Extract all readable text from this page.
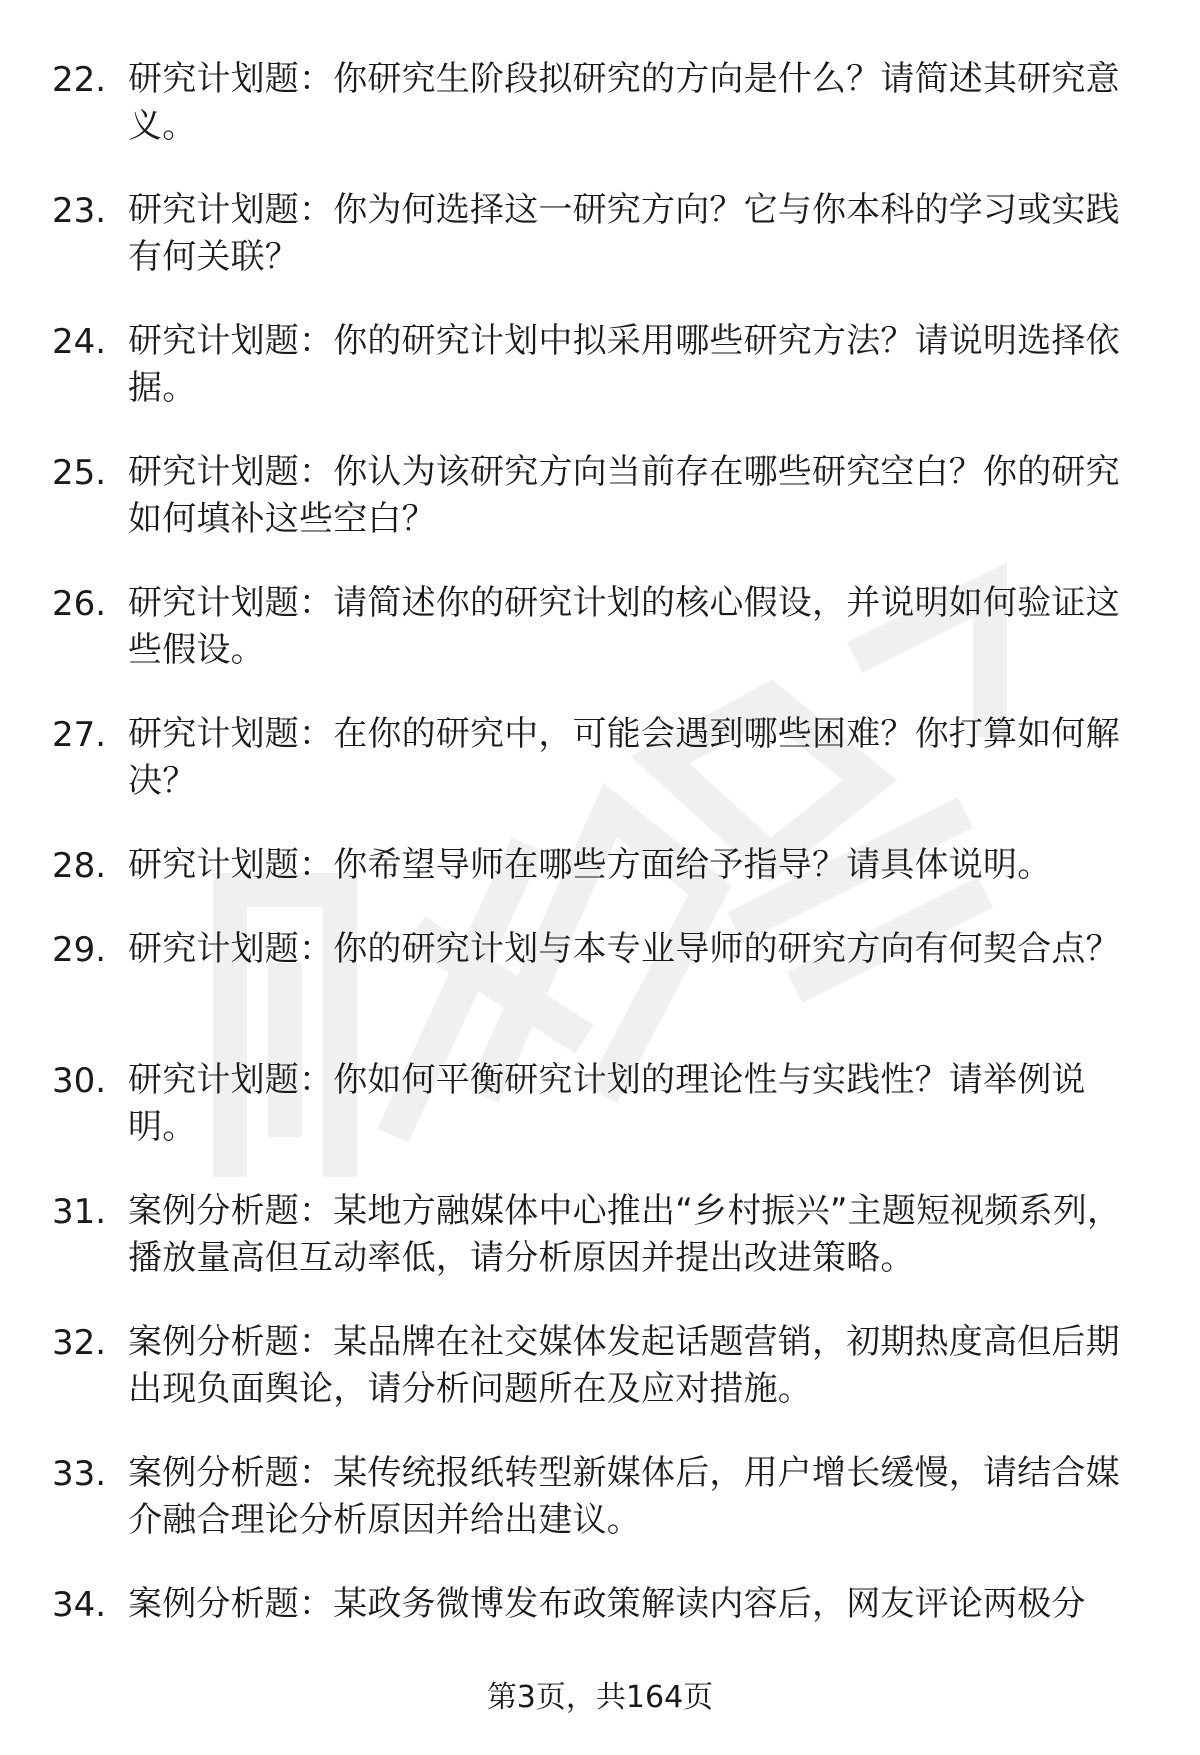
22. 研究计划题：你研究生阶段拟研究的方向是什么？请简述其研究意义。
23. 研究计划题：你为何选择这一研究方向？它与你本科的学习或实践有何关联？
24. 研究计划题：你的研究计划中拟采用哪些研究方法？请说明选择依据。
25. 研究计划题：你认为该研究方向当前存在哪些研究空白？你的研究如何填补这些空白？
26. 研究计划题：请简述你的研究计划的核心假设，并说明如何验证这些假设。
27. 研究计划题：在你的研究中，可能会遇到哪些困难？你打算如何解决？
28. 研究计划题：你希望导师在哪些方面给予指导？请具体说明。
29. 研究计划题：你的研究计划与本专业导师的研究方向有何契合点？
30. 研究计划题：你如何平衡研究计划的理论性与实践性？请举例说明。
31. 案例分析题：某地方融媒体中心推出“乡村振兴”主题短视频系列，播放量高但互动率低，请分析原因并提出改进策略。
32. 案例分析题：某品牌在社交媒体发起话题营销，初期热度高但后期出现负面舆论，请分析问题所在及应对措施。
33. 案例分析题：某传统报纸转型新媒体后，用户增长缓慢，请结合媒介融合理论分析原因并给出建议。
34. 案例分析题：某政务微博发布政策解读内容后，网友评论两极分
第3页，共164页
